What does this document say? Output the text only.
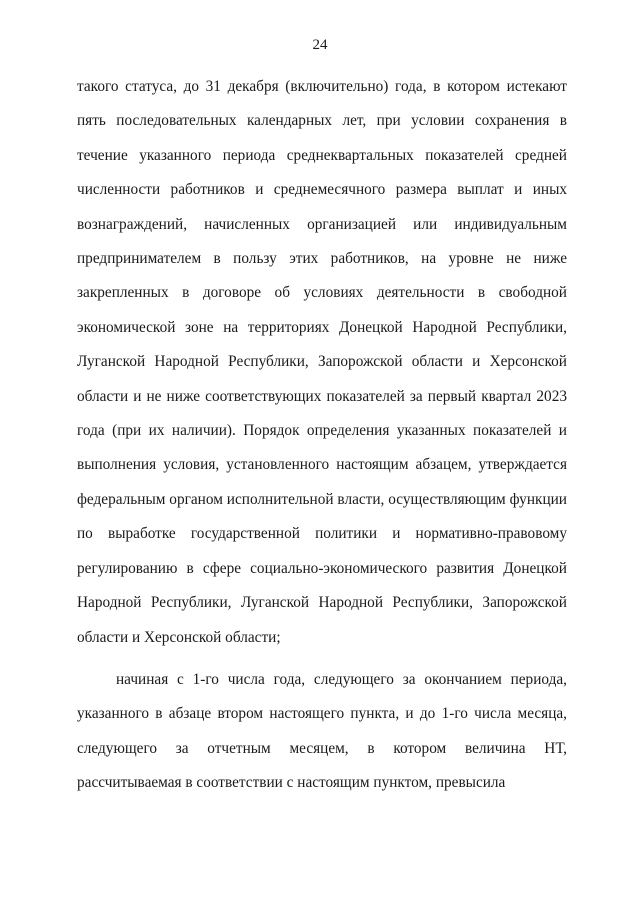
24

такого статуса, до 31 декабря (включительно) года, в котором истекают пять последовательных календарных лет, при условии сохранения в течение указанного периода среднеквартальных показателей средней численности работников и среднемесячного размера выплат и иных вознаграждений, начисленных организацией или индивидуальным предпринимателем в пользу этих работников, на уровне не ниже закрепленных в договоре об условиях деятельности в свободной экономической зоне на территориях Донецкой Народной Республики, Луганской Народной Республики, Запорожской области и Херсонской области и не ниже соответствующих показателей за первый квартал 2023 года (при их наличии). Порядок определения указанных показателей и выполнения условия, установленного настоящим абзацем, утверждается федеральным органом исполнительной власти, осуществляющим функции по выработке государственной политики и нормативно-правовому регулированию в сфере социально-экономического развития Донецкой Народной Республики, Луганской Народной Республики, Запорожской области и Херсонской области;

начиная с 1-го числа года, следующего за окончанием периода, указанного в абзаце втором настоящего пункта, и до 1-го числа месяца, следующего за отчетным месяцем, в котором величина НТ, рассчитываемая в соответствии с настоящим пунктом, превысила
